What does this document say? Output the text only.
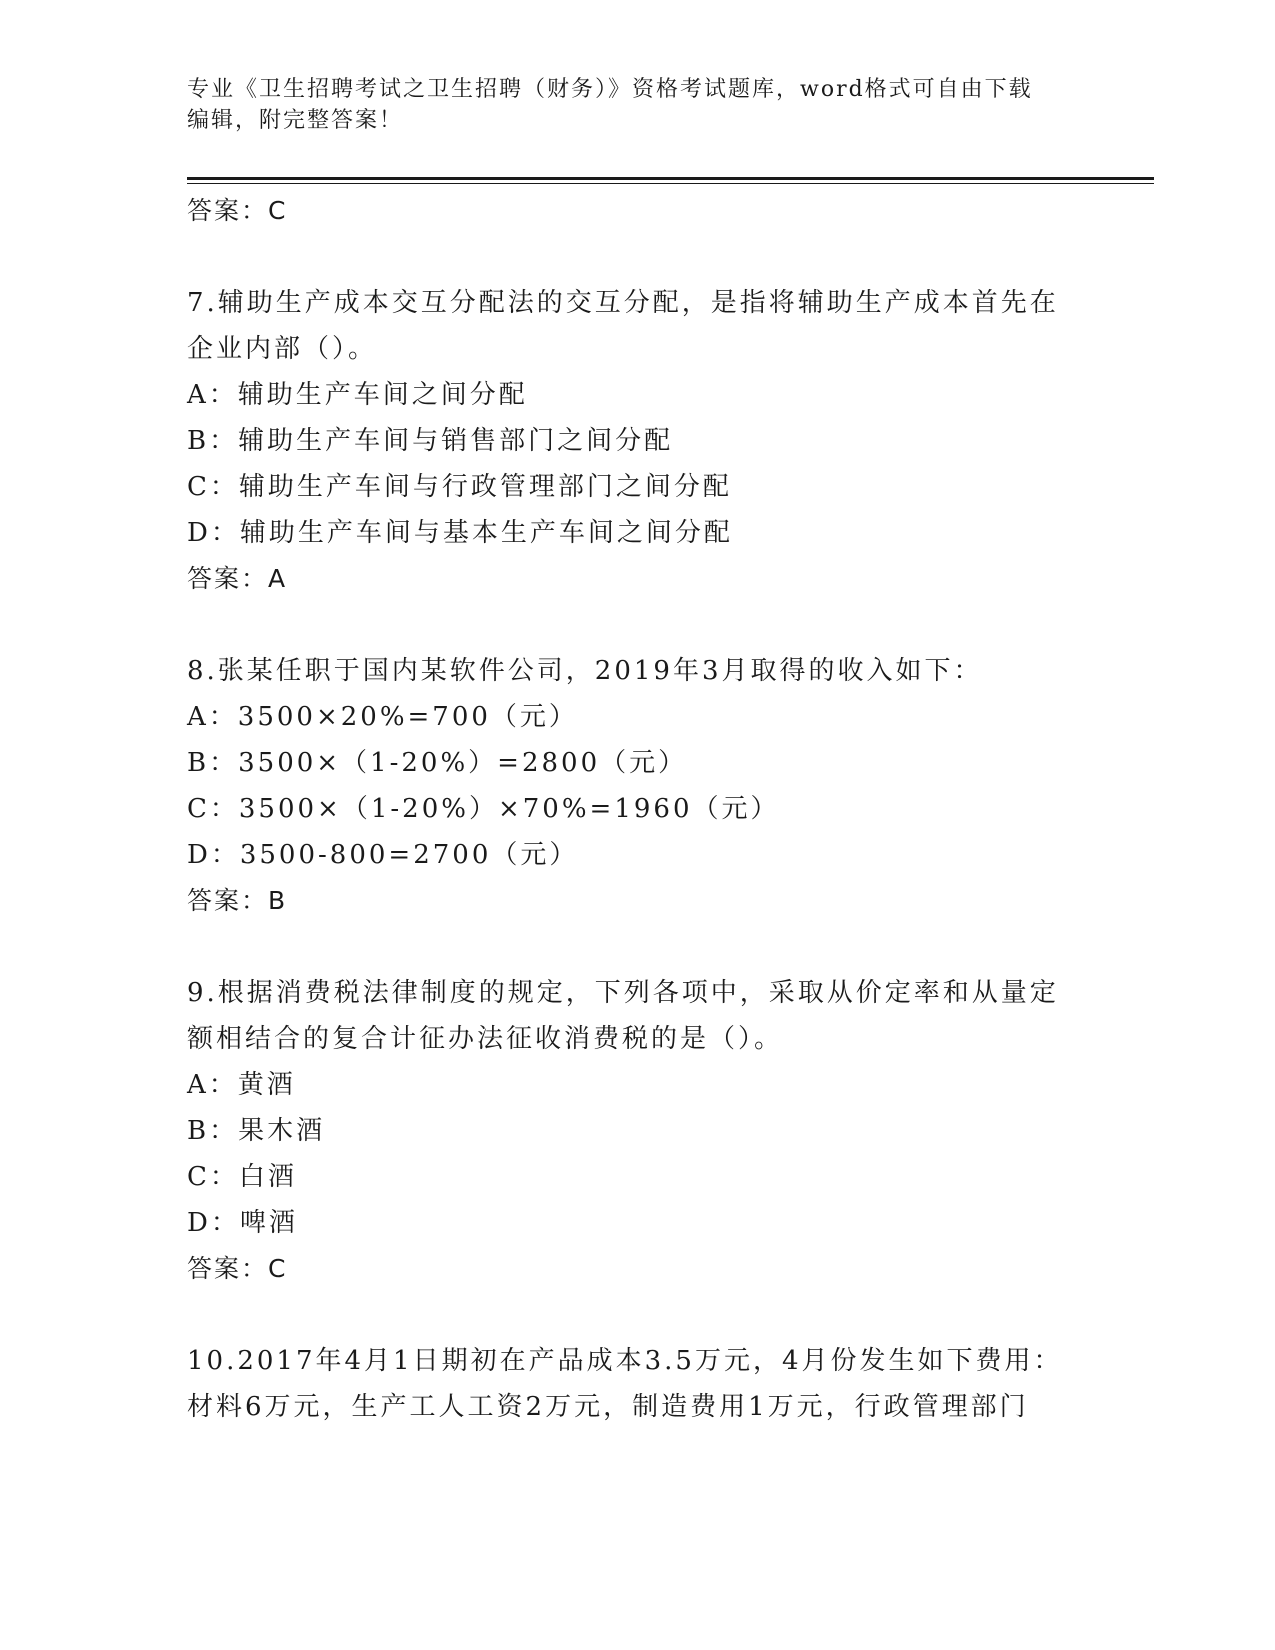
专业《卫生招聘考试之卫生招聘（财务）》资格考试题库，word格式可自由下载
编辑，附完整答案！
答案：C
7.辅助生产成本交互分配法的交互分配，是指将辅助生产成本首先在
企业内部（）。
A：辅助生产车间之间分配
B：辅助生产车间与销售部门之间分配
C：辅助生产车间与行政管理部门之间分配
D：辅助生产车间与基本生产车间之间分配
答案：A
8.张某任职于国内某软件公司，2019年3月取得的收入如下：
A：3500×20%=700（元）
B：3500×（1-20%）=2800（元）
C：3500×（1-20%）×70%=1960（元）
D：3500-800=2700（元）
答案：B
9.根据消费税法律制度的规定，下列各项中，采取从价定率和从量定
额相结合的复合计征办法征收消费税的是（）。
A：黄酒
B：果木酒
C：白酒
D：啤酒
答案：C
10.2017年4月1日期初在产品成本3.5万元，4月份发生如下费用：
材料6万元，生产工人工资2万元，制造费用1万元，行政管理部门
